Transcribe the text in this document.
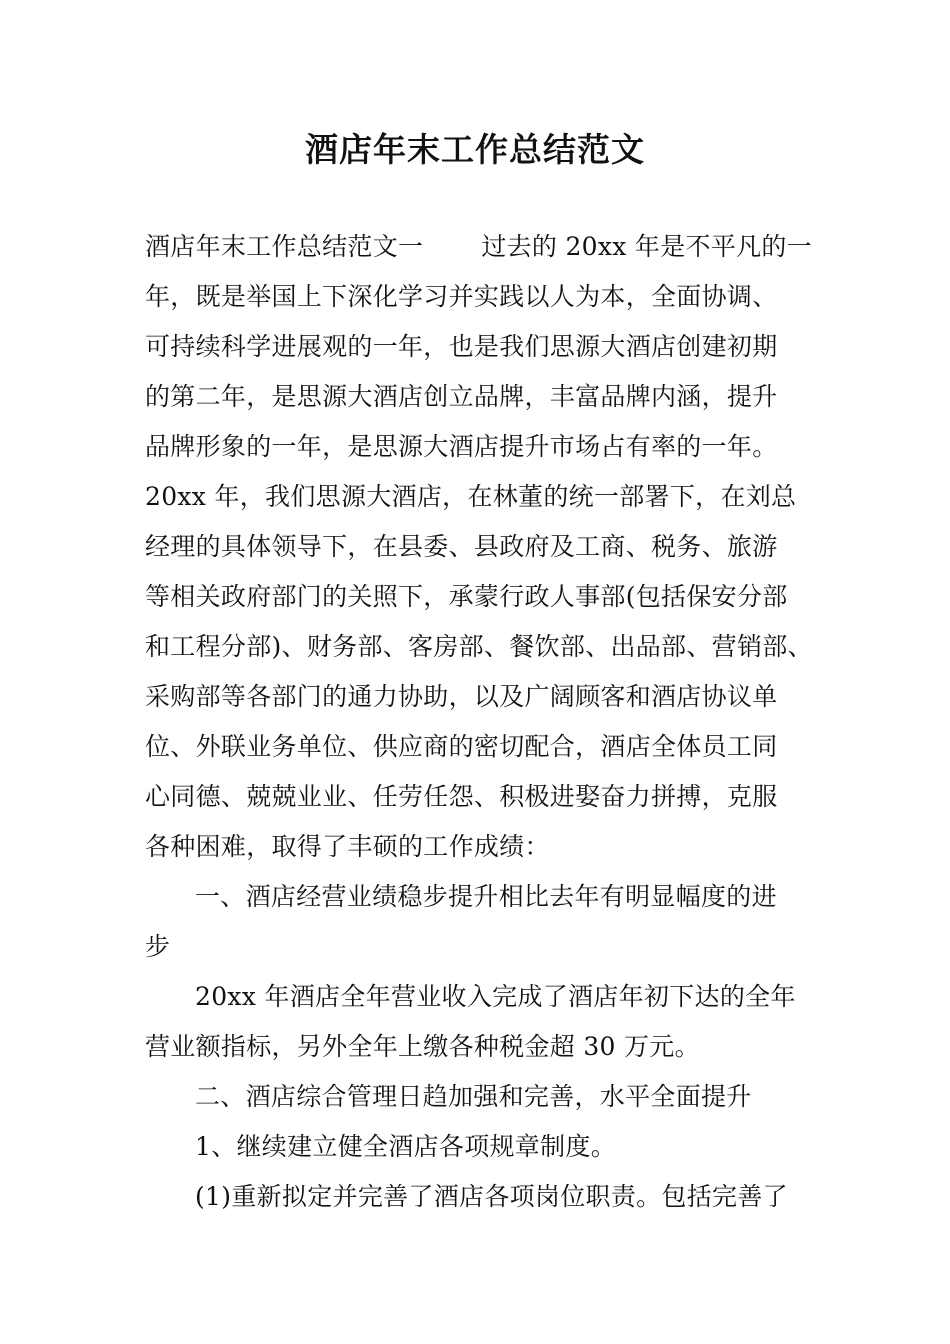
酒店年末工作总结范文
酒店年末工作总结范文一 过去的 20xx 年是不平凡的一
年，既是举国上下深化学习并实践以人为本，全面协调、
可持续科学进展观的一年，也是我们思源大酒店创建初期
的第二年，是思源大酒店创立品牌，丰富品牌内涵，提升
品牌形象的一年，是思源大酒店提升市场占有率的一年。
20xx 年，我们思源大酒店，在林董的统一部署下，在刘总
经理的具体领导下，在县委、县政府及工商、税务、旅游
等相关政府部门的关照下，承蒙行政人事部(包括保安分部
和工程分部)、财务部、客房部、餐饮部、出品部、营销部、
采购部等各部门的通力协助，以及广阔顾客和酒店协议单
位、外联业务单位、供应商的密切配合，酒店全体员工同
心同德、兢兢业业、任劳任怨、积极进娶奋力拼搏，克服
各种困难，取得了丰硕的工作成绩：
一、酒店经营业绩稳步提升相比去年有明显幅度的进
步
20xx 年酒店全年营业收入完成了酒店年初下达的全年
营业额指标，另外全年上缴各种税金超 30 万元。
二、酒店综合管理日趋加强和完善，水平全面提升
1、继续建立健全酒店各项规章制度。
(1)重新拟定并完善了酒店各项岗位职责。包括完善了
